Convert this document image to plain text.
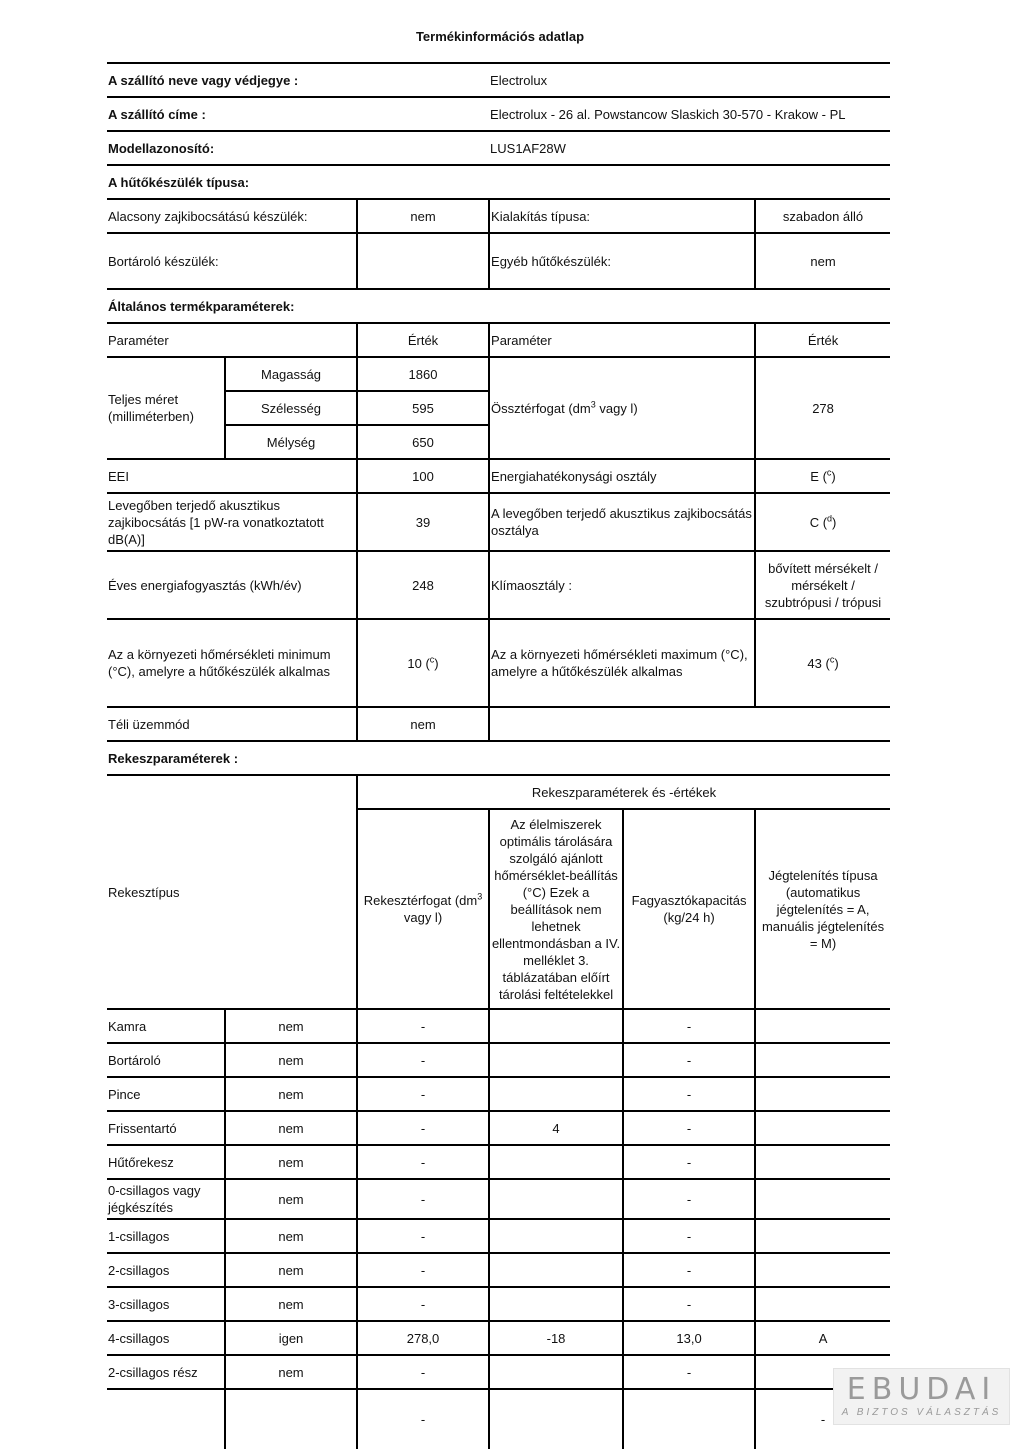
Termékinformációs adatlap
A szállító neve vagy védjegye :			Electrolux		
A szállító címe :			Electrolux - 26 al. Powstancow Slaskich 30-570 - Krakow - PL		
Modellazonosító:			LUS1AF28W		
A hűtőkészülék típusa:					
Alacsony zajkibocsátású készülék:		nem	Kialakítás típusa:		szabadon álló
Bortároló készülék:			Egyéb hűtőkészülék:		nem
Általános termékparaméterek:					
Paraméter		Érték	Paraméter		Érték
Teljes méret (milliméterben)	Magasság	1860	Össztérfogat ($dm^3$ vagy l)		278
	Szélesség	595			
	Mélység	650			
EEI		100	Energiahatékonysági osztály		E ($^c$)
Levegőben terjedő akusztikus zajkibocsátás [1 pW-ra vonatkoztatott dB(A)]		39	A levegőben terjedő akusztikus zajkibocsátás osztálya		C ($^d$)
Éves energiafogyasztás (kWh/év)		248	Klímaosztály :		bővített mérsékelt / mérsékelt / szubtrópusi / trópusi
Az a környezeti hőmérsékleti minimum (°C), amelyre a hűtőkészülék alkalmas		10 ($^c$)	Az a környezeti hőmérsékleti maximum (°C), amelyre a hűtőkészülék alkalmas		43 ($^c$)
Téli üzemmód		nem			
Rekeszparaméterek :					
Rekesztípus		Rekeszparaméterek és -értékek			
		Rekesztérfogat ($dm^3$ vagy l)	Az élelmiszerek optimális tárolására szolgáló ajánlott hőmérséklet-beállítás (°C) Ezek a beállítások nem lehetnek ellentmondásban a IV. melléklet 3. táblázatában előírt tárolási feltételekkel	Fagyasztókapacitás (kg/24 h)	Jégtelenítés típusa (automatikus jégtelenítés = A, manuális jégtelenítés = M)
Kamra	nem	-		-	
Bortároló	nem	-		-	
Pince	nem	-		-	
Frissentartó	nem	-	4	-	
Hűtőrekesz	nem	-		-	
0-csillagos vagy jégkészítés	nem	-		-	
1-csillagos	nem	-		-	
2-csillagos	nem	-		-	
3-csillagos	nem	-		-	
4-csillagos	igen	278,0	-18	13,0	A
2-csillagos rész	nem	-		-	
		-			-
EBUDAI
A BIZTOS VÁLASZTÁS
